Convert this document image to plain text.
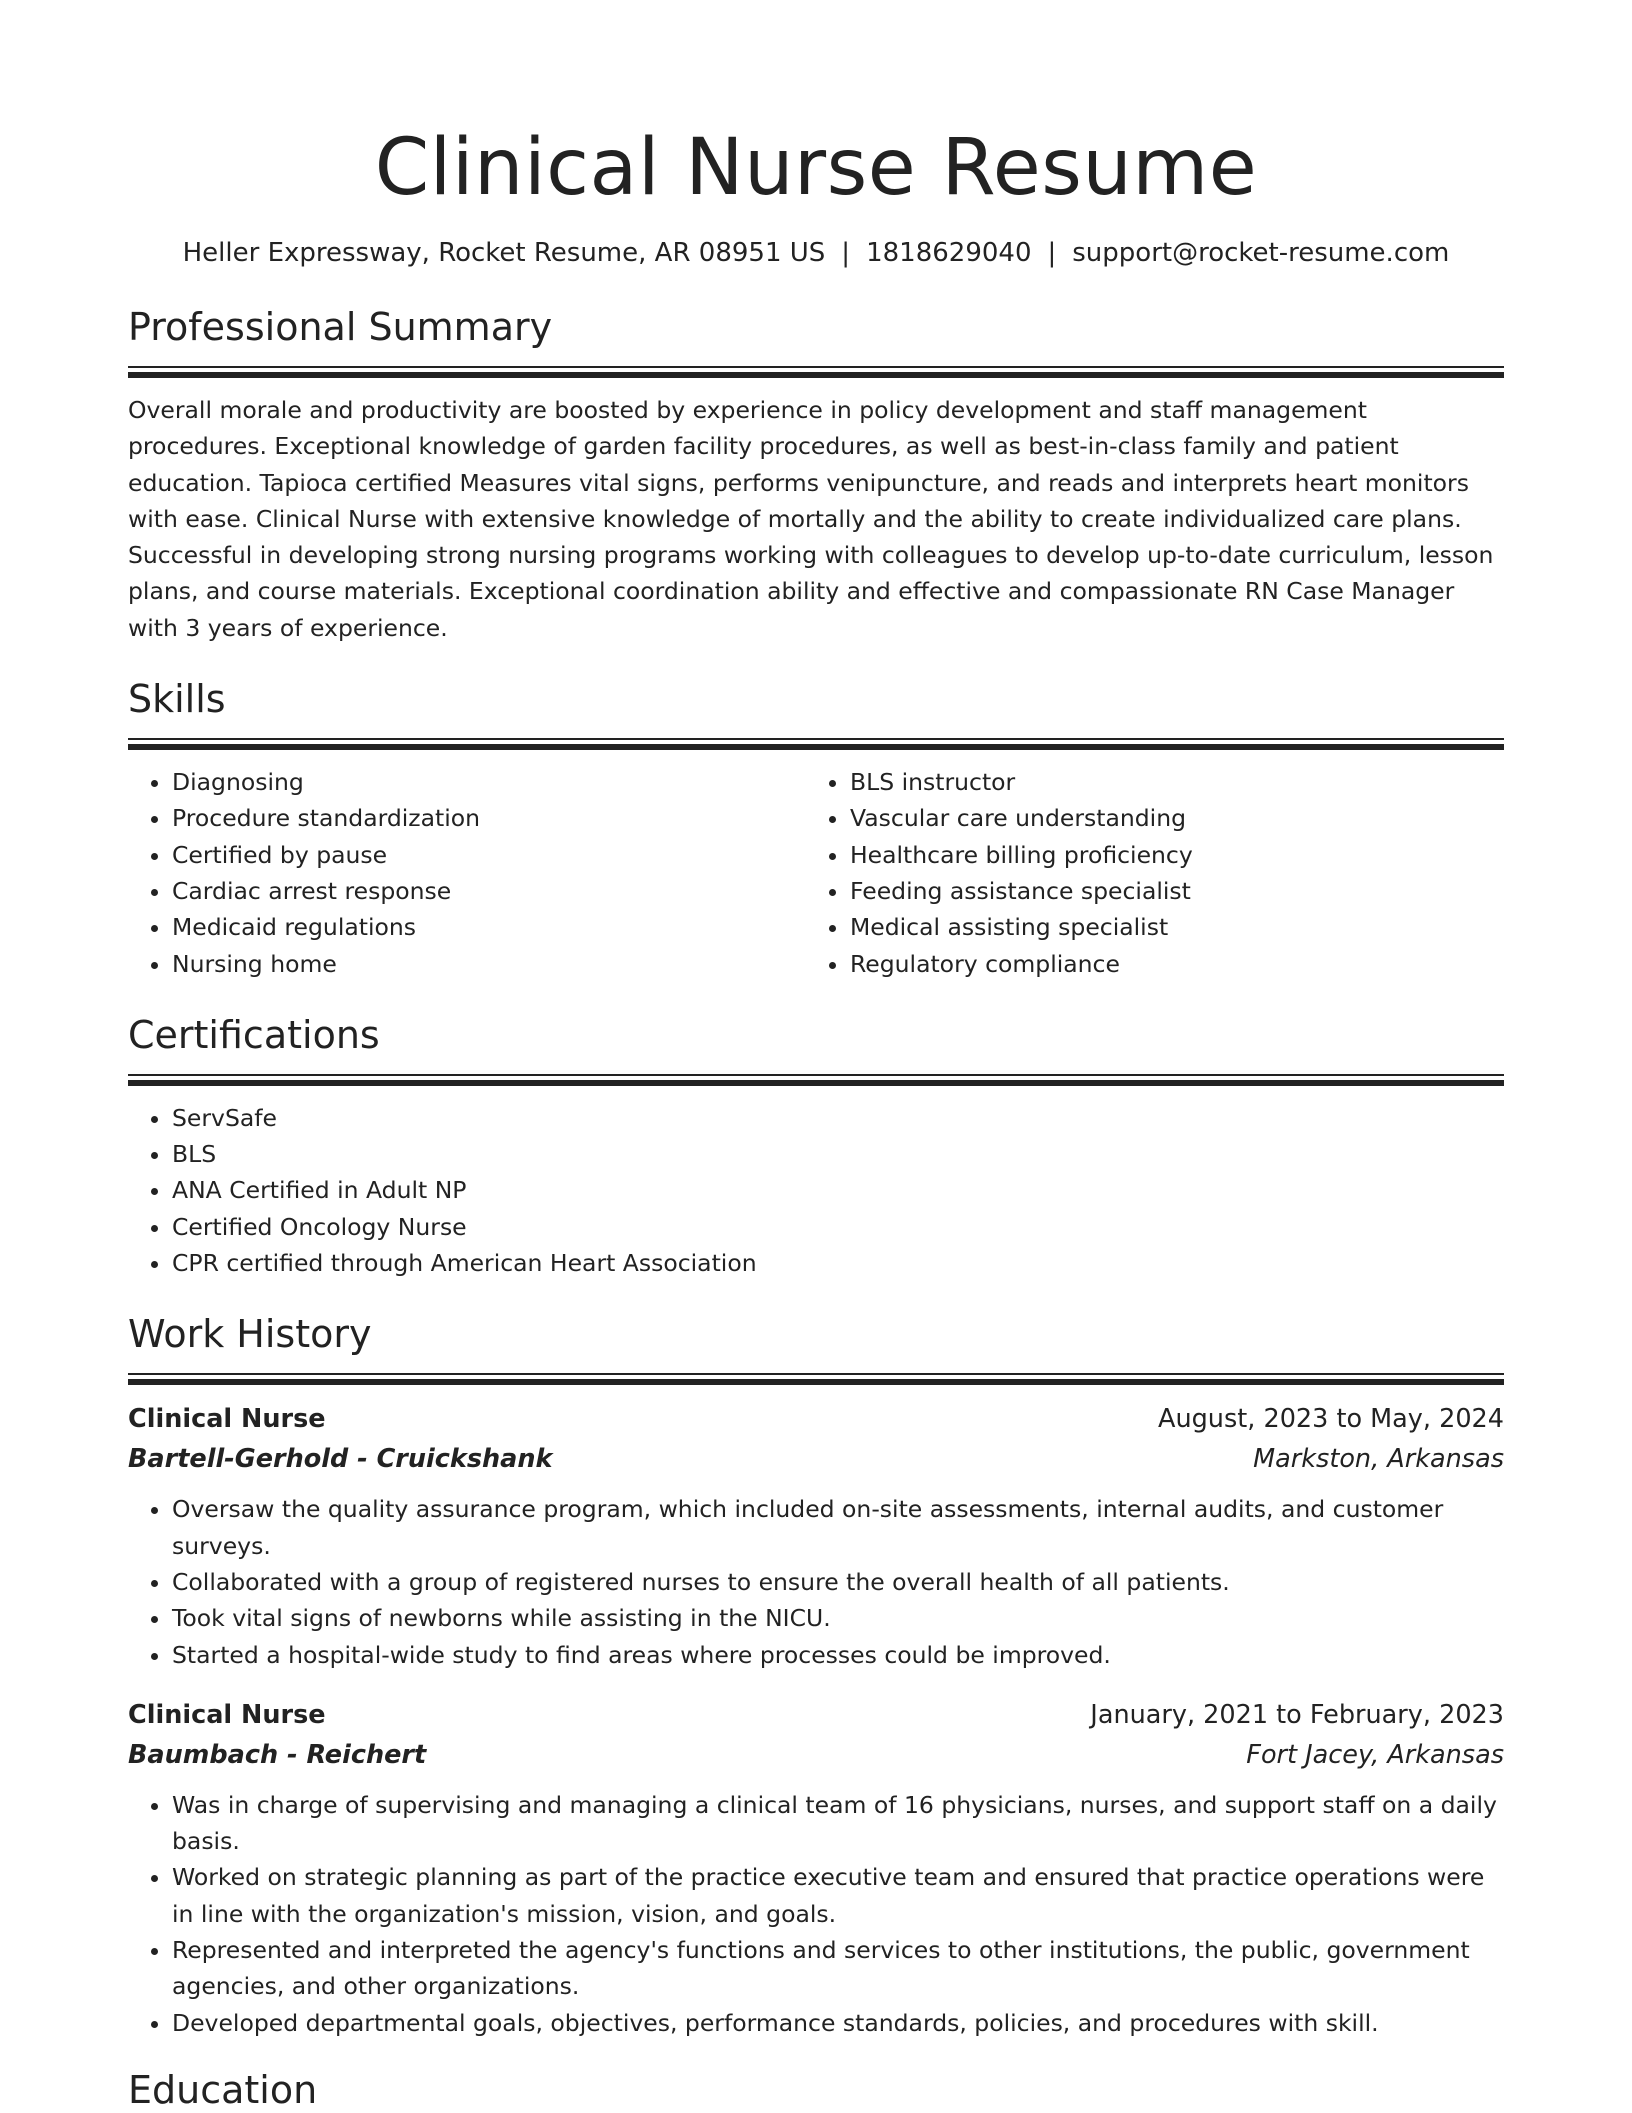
Clinical Nurse Resume
Heller Expressway, Rocket Resume, AR 08951 US | 1818629040 | support@rocket-resume.com
Professional Summary
Overall morale and productivity are boosted by experience in policy development and staff management procedures. Exceptional knowledge of garden facility procedures, as well as best-in-class family and patient education. Tapioca certified Measures vital signs, performs venipuncture, and reads and interprets heart monitors with ease. Clinical Nurse with extensive knowledge of mortally and the ability to create individualized care plans. Successful in developing strong nursing programs working with colleagues to develop up-to-date curriculum, lesson plans, and course materials. Exceptional coordination ability and effective and compassionate RN Case Manager with 3 years of experience.
Skills
• Diagnosing
• Procedure standardization
• Certified by pause
• Cardiac arrest response
• Medicaid regulations
• Nursing home
• BLS instructor
• Vascular care understanding
• Healthcare billing proficiency
• Feeding assistance specialist
• Medical assisting specialist
• Regulatory compliance
Certifications
• ServSafe
• BLS
• ANA Certified in Adult NP
• Certified Oncology Nurse
• CPR certified through American Heart Association
Work History
Clinical Nurse	August, 2023 to May, 2024
Bartell-Gerhold - Cruickshank	Markston, Arkansas
• Oversaw the quality assurance program, which included on-site assessments, internal audits, and customer surveys.
• Collaborated with a group of registered nurses to ensure the overall health of all patients.
• Took vital signs of newborns while assisting in the NICU.
• Started a hospital-wide study to find areas where processes could be improved.
Clinical Nurse	January, 2021 to February, 2023
Baumbach - Reichert	Fort Jacey, Arkansas
• Was in charge of supervising and managing a clinical team of 16 physicians, nurses, and support staff on a daily basis.
• Worked on strategic planning as part of the practice executive team and ensured that practice operations were in line with the organization's mission, vision, and goals.
• Represented and interpreted the agency's functions and services to other institutions, the public, government agencies, and other organizations.
• Developed departmental goals, objectives, performance standards, policies, and procedures with skill.
Education
